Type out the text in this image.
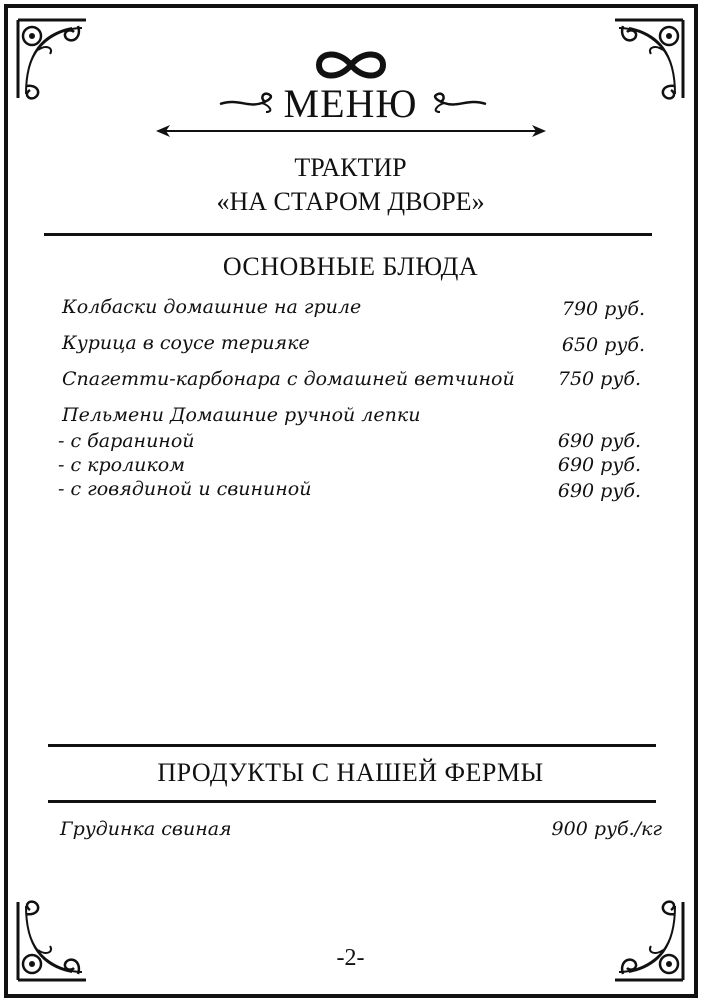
МЕНЮ
ТРАКТИР
«НА СТАРОМ ДВОРЕ»
ОСНОВНЫЕ БЛЮДА
Колбаски домашние на гриле	790 руб.
Курица в соусе терияке	650 руб.
Спагетти-карбонара с домашней ветчиной	750 руб.
Пельмени Домашние ручной лепки
- с бараниной	690 руб.
- с кроликом	690 руб.
- с говядиной и свининой	690 руб.
ПРОДУКТЫ С НАШЕЙ ФЕРМЫ
Грудинка свиная	900 руб./кг
-2-
